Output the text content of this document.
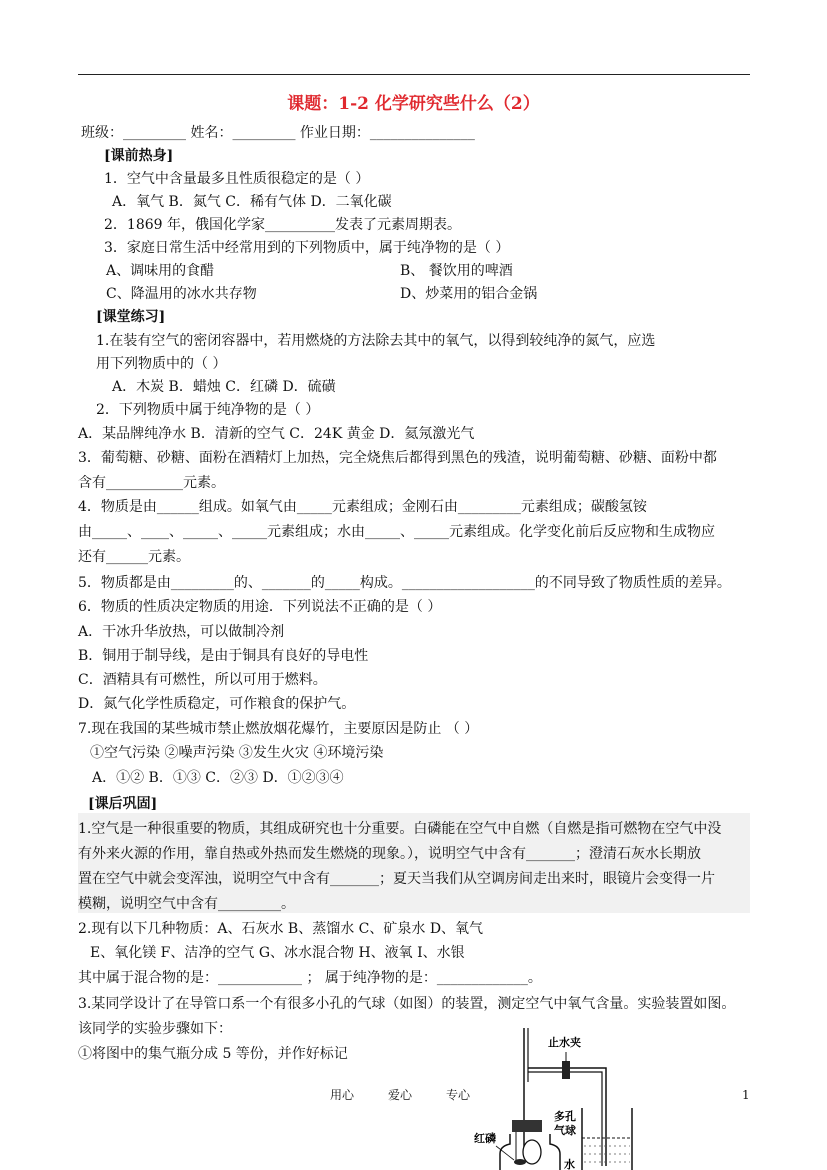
课题：1-2 化学研究些什么（2）
班级：_________ 姓名：_________ 作业日期：_______________
[课前热身]
1．空气中含量最多且性质很稳定的是（ ）
A．氧气 B．氮气 C．稀有气体 D．二氧化碳
2．1869 年，俄国化学家__________发表了元素周期表。
3．家庭日常生活中经常用到的下列物质中，属于纯净物的是（ ）
A、调味用的食醋	B、 餐饮用的啤酒
C、降温用的冰水共存物	D、炒菜用的铝合金锅
[课堂练习]
1.在装有空气的密闭容器中，若用燃烧的方法除去其中的氧气，以得到较纯净的氮气，应选
用下列物质中的（ ）
A．木炭 B．蜡烛 C．红磷 D．硫磺
2．下列物质中属于纯净物的是（ ）
A．某品牌纯净水 B．清新的空气 C．24K 黄金 D．氦氖激光气
3．葡萄糖、砂糖、面粉在酒精灯上加热，完全烧焦后都得到黑色的残渣，说明葡萄糖、砂糖、面粉中都
含有___________元素。
4．物质是由______组成。如氧气由_____元素组成；金刚石由_________元素组成；碳酸氢铵
由_____、____、_____、_____元素组成；水由_____、_____元素组成。化学变化前后反应物和生成物应
还有______元素。
5．物质都是由_________的、_______的_____构成。___________________的不同导致了物质性质的差异。
6．物质的性质决定物质的用途．下列说法不正确的是（ ）
A．干冰升华放热，可以做制冷剂
B．铜用于制导线，是由于铜具有良好的导电性
C．酒精具有可燃性，所以可用于燃料。
D．氮气化学性质稳定，可作粮食的保护气。
7.现在我国的某些城市禁止燃放烟花爆竹，主要原因是防止 （ ）
①空气污染 ②噪声污染 ③发生火灾 ④环境污染
A．①② B．①③ C．②③ D．①②③④
[课后巩固]
1.空气是一种很重要的物质，其组成研究也十分重要。白磷能在空气中自燃（自燃是指可燃物在空气中没
有外来火源的作用，靠自热或外热而发生燃烧的现象。），说明空气中含有_______；澄清石灰水长期放
置在空气中就会变浑浊，说明空气中含有_______；夏天当我们从空调房间走出来时，眼镜片会变得一片
模糊，说明空气中含有_________。
2.现有以下几种物质：A、石灰水 B、蒸馏水 C、矿泉水 D、氧气
E、氧化镁 F、洁净的空气 G、冰水混合物 H、液氧 I、水银
其中属于混合物的是：____________ ； 属于纯净物的是：_____________。
3.某同学设计了在导管口系一个有很多小孔的气球（如图）的装置，测定空气中氧气含量。实验装置如图。
该同学的实验步骤如下：
①将图中的集气瓶分成 5 等份，并作好标记
止水夹
多孔
气球
红磷
水
用心	爱心	专心	1
